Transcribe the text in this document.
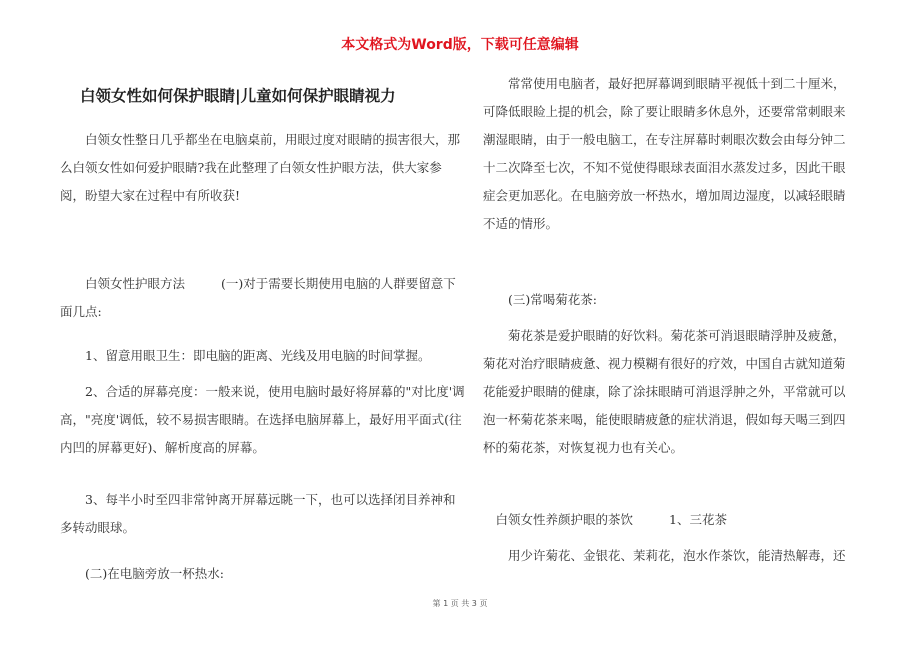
本文格式为Word版，下载可任意编辑
白领女性如何保护眼睛|儿童如何保护眼睛视力

白领女性整日几乎都坐在电脑桌前，用眼过度对眼睛的损害很大，那么白领女性如何爱护眼睛?我在此整理了白领女性护眼方法，供大家参阅，盼望大家在过程中有所收获!

白领女性护眼方法	(一)对于需要长期使用电脑的人群要留意下面几点:

1、留意用眼卫生：即电脑的距离、光线及用电脑的时间掌握。

2、合适的屏幕亮度：一般来说，使用电脑时最好将屏幕的"对比度'调高，"亮度'调低，较不易损害眼睛。在选择电脑屏幕上，最好用平面式(往内凹的屏幕更好)、解析度高的屏幕。

3、每半小时至四非常钟离开屏幕远眺一下，也可以选择闭目养神和多转动眼球。

(二)在电脑旁放一杯热水:

常常使用电脑者，最好把屏幕调到眼睛平视低十到二十厘米，可降低眼睑上提的机会，除了要让眼睛多休息外，还要常常刺眼来潮湿眼睛，由于一般电脑工，在专注屏幕时刺眼次数会由每分钟二十二次降至七次，不知不觉使得眼球表面泪水蒸发过多，因此干眼症会更加恶化。在电脑旁放一杯热水，增加周边湿度，以减轻眼睛不适的情形。

(三)常喝菊花茶:

菊花茶是爱护眼睛的好饮料。菊花茶可消退眼睛浮肿及疲惫，菊花对治疗眼睛疲惫、视力模糊有很好的疗效，中国自古就知道菊花能爱护眼睛的健康，除了涂抹眼睛可消退浮肿之外，平常就可以泡一杯菊花茶来喝，能使眼睛疲惫的症状消退，假如每天喝三到四杯的菊花茶，对恢复视力也有关心。

白领女性养颜护眼的茶饮	1、三花茶

用少许菊花、金银花、茉莉花，泡水作茶饮，能清热解毒，还

第 1 页 共 3 页
